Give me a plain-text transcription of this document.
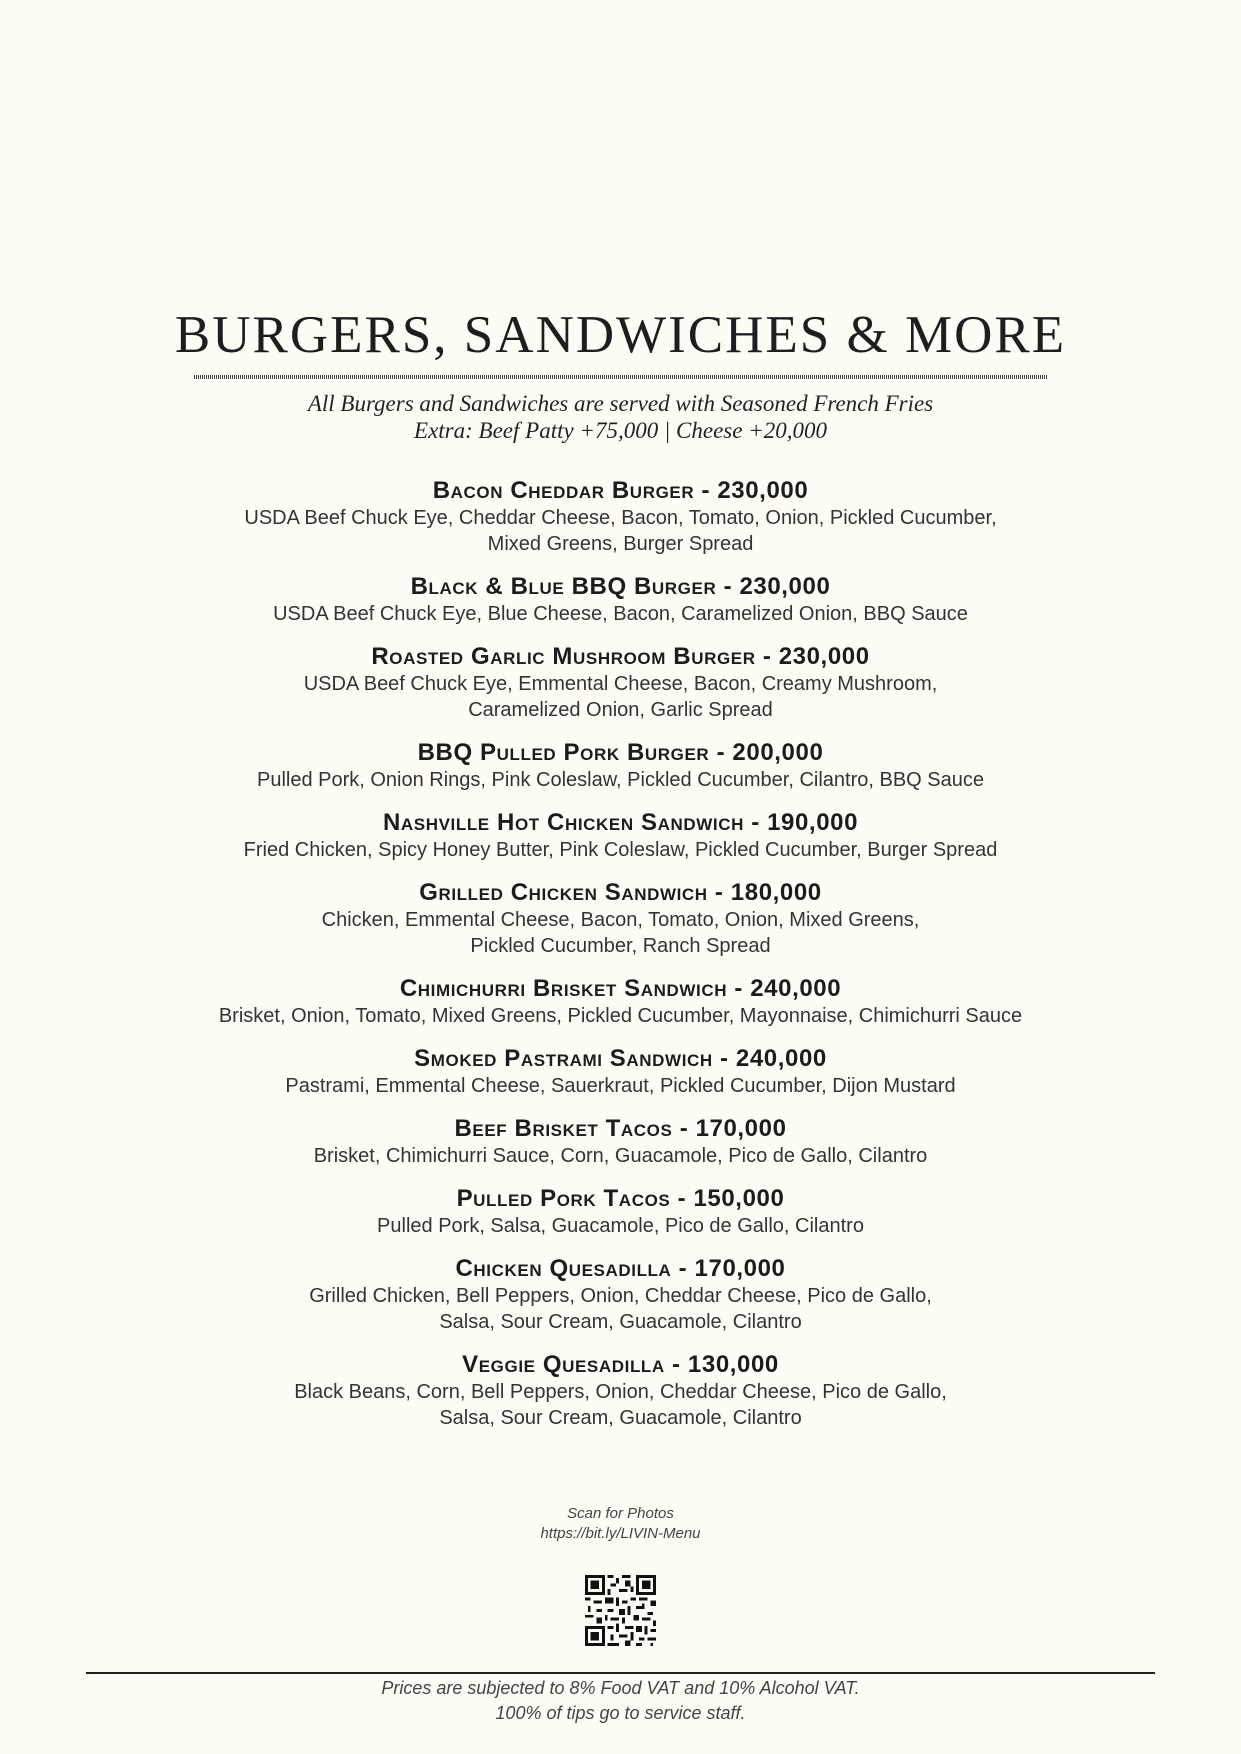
BURGERS, SANDWICHES & MORE
All Burgers and Sandwiches are served with Seasoned French Fries
Extra: Beef Patty +75,000 | Cheese +20,000
Bacon Cheddar Burger - 230,000
USDA Beef Chuck Eye, Cheddar Cheese, Bacon, Tomato, Onion, Pickled Cucumber,
Mixed Greens, Burger Spread
Black & Blue BBQ Burger - 230,000
USDA Beef Chuck Eye, Blue Cheese, Bacon, Caramelized Onion, BBQ Sauce
Roasted Garlic Mushroom Burger - 230,000
USDA Beef Chuck Eye, Emmental Cheese, Bacon, Creamy Mushroom,
Caramelized Onion, Garlic Spread
BBQ Pulled Pork Burger - 200,000
Pulled Pork, Onion Rings, Pink Coleslaw, Pickled Cucumber, Cilantro, BBQ Sauce
Nashville Hot Chicken Sandwich - 190,000
Fried Chicken, Spicy Honey Butter, Pink Coleslaw, Pickled Cucumber, Burger Spread
Grilled Chicken Sandwich - 180,000
Chicken, Emmental Cheese, Bacon, Tomato, Onion, Mixed Greens,
Pickled Cucumber, Ranch Spread
Chimichurri Brisket Sandwich - 240,000
Brisket, Onion, Tomato, Mixed Greens, Pickled Cucumber, Mayonnaise, Chimichurri Sauce
Smoked Pastrami Sandwich - 240,000
Pastrami, Emmental Cheese, Sauerkraut, Pickled Cucumber, Dijon Mustard
Beef Brisket Tacos - 170,000
Brisket, Chimichurri Sauce, Corn, Guacamole, Pico de Gallo, Cilantro
Pulled Pork Tacos - 150,000
Pulled Pork, Salsa, Guacamole, Pico de Gallo, Cilantro
Chicken Quesadilla - 170,000
Grilled Chicken, Bell Peppers, Onion, Cheddar Cheese, Pico de Gallo,
Salsa, Sour Cream, Guacamole, Cilantro
Veggie Quesadilla - 130,000
Black Beans, Corn, Bell Peppers, Onion, Cheddar Cheese, Pico de Gallo,
Salsa, Sour Cream, Guacamole, Cilantro
Scan for Photos
https://bit.ly/LIVIN-Menu
Prices are subjected to 8% Food VAT and 10% Alcohol VAT.
100% of tips go to service staff.
